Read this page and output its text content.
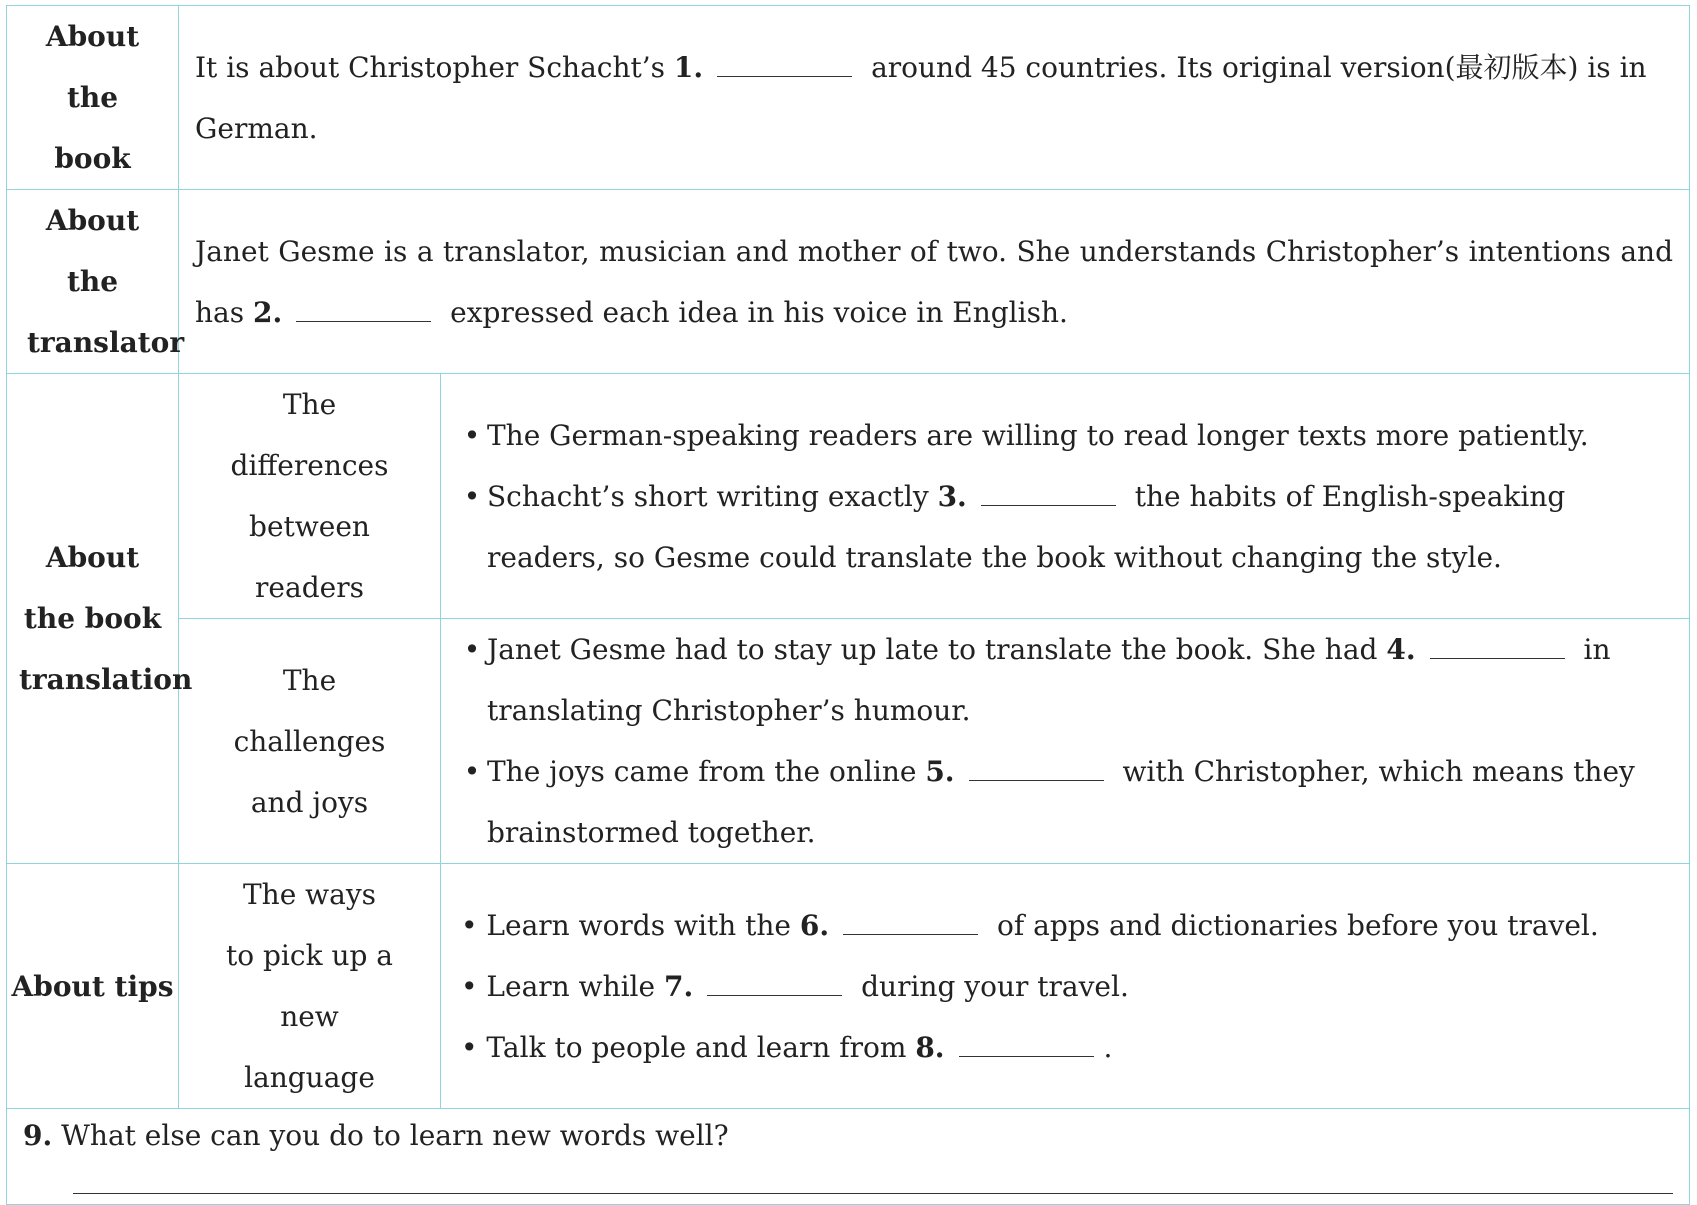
About the book	It is about Christopher Schacht’s 1. around 45 countries. Its original version(最初版本) is in German.	
About the translator	Janet Gesme is a translator, musician and mother of two. She understands Christopher’s intentions and has 2. expressed each idea in his voice in English.	
About the book translation	The differences between readers	• The German-speaking readers are willing to read longer texts more patiently.
• Schacht’s short writing exactly 3. the habits of English-speaking readers, so Gesme could translate the book without changing the style.

	The challenges and joys	• Janet Gesme had to stay up late to translate the book. She had 4. in translating Christopher’s humour.
• The joys came from the online 5. with Christopher, which means they brainstormed together.

About tips	The ways to pick up a new language	• Learn words with the 6. of apps and dictionaries before you travel.
• Learn while 7. during your travel.
• Talk to people and learn from 8. .

9. What else can you do to learn new words well?		
